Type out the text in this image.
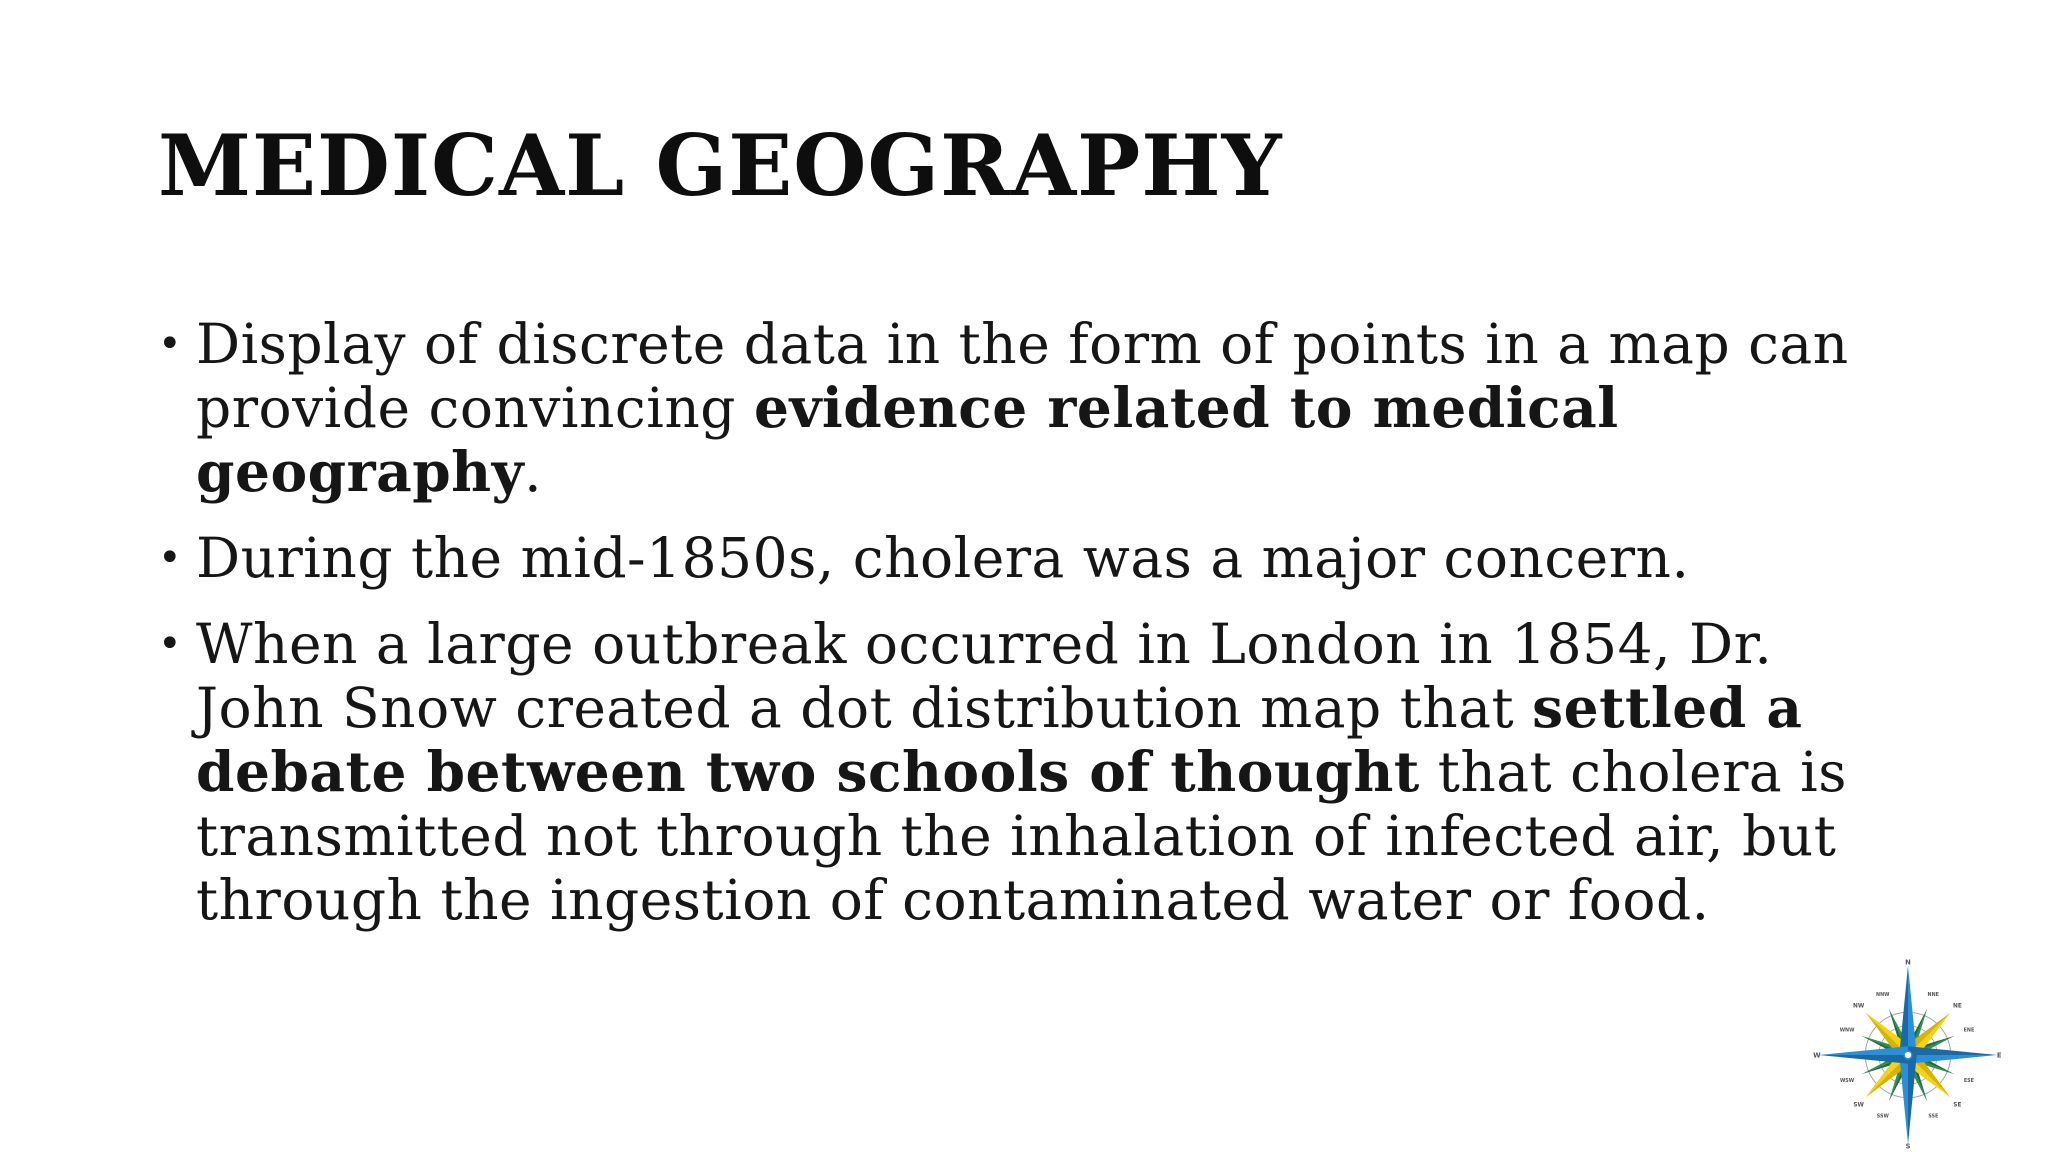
MEDICAL GEOGRAPHY
• Display of discrete data in the form of points in a map can provide convincing evidence related to medical geography.
• During the mid-1850s, cholera was a major concern.
• When a large outbreak occurred in London in 1854, Dr. John Snow created a dot distribution map that settled a debate between two schools of thought that cholera is transmitted not through the inhalation of infected air, but through the ingestion of contaminated water or food.
N
E
S
W
NE
SE
SW
NW
NNE
ENE
ESE
SSE
SSW
WSW
WNW
NNW
